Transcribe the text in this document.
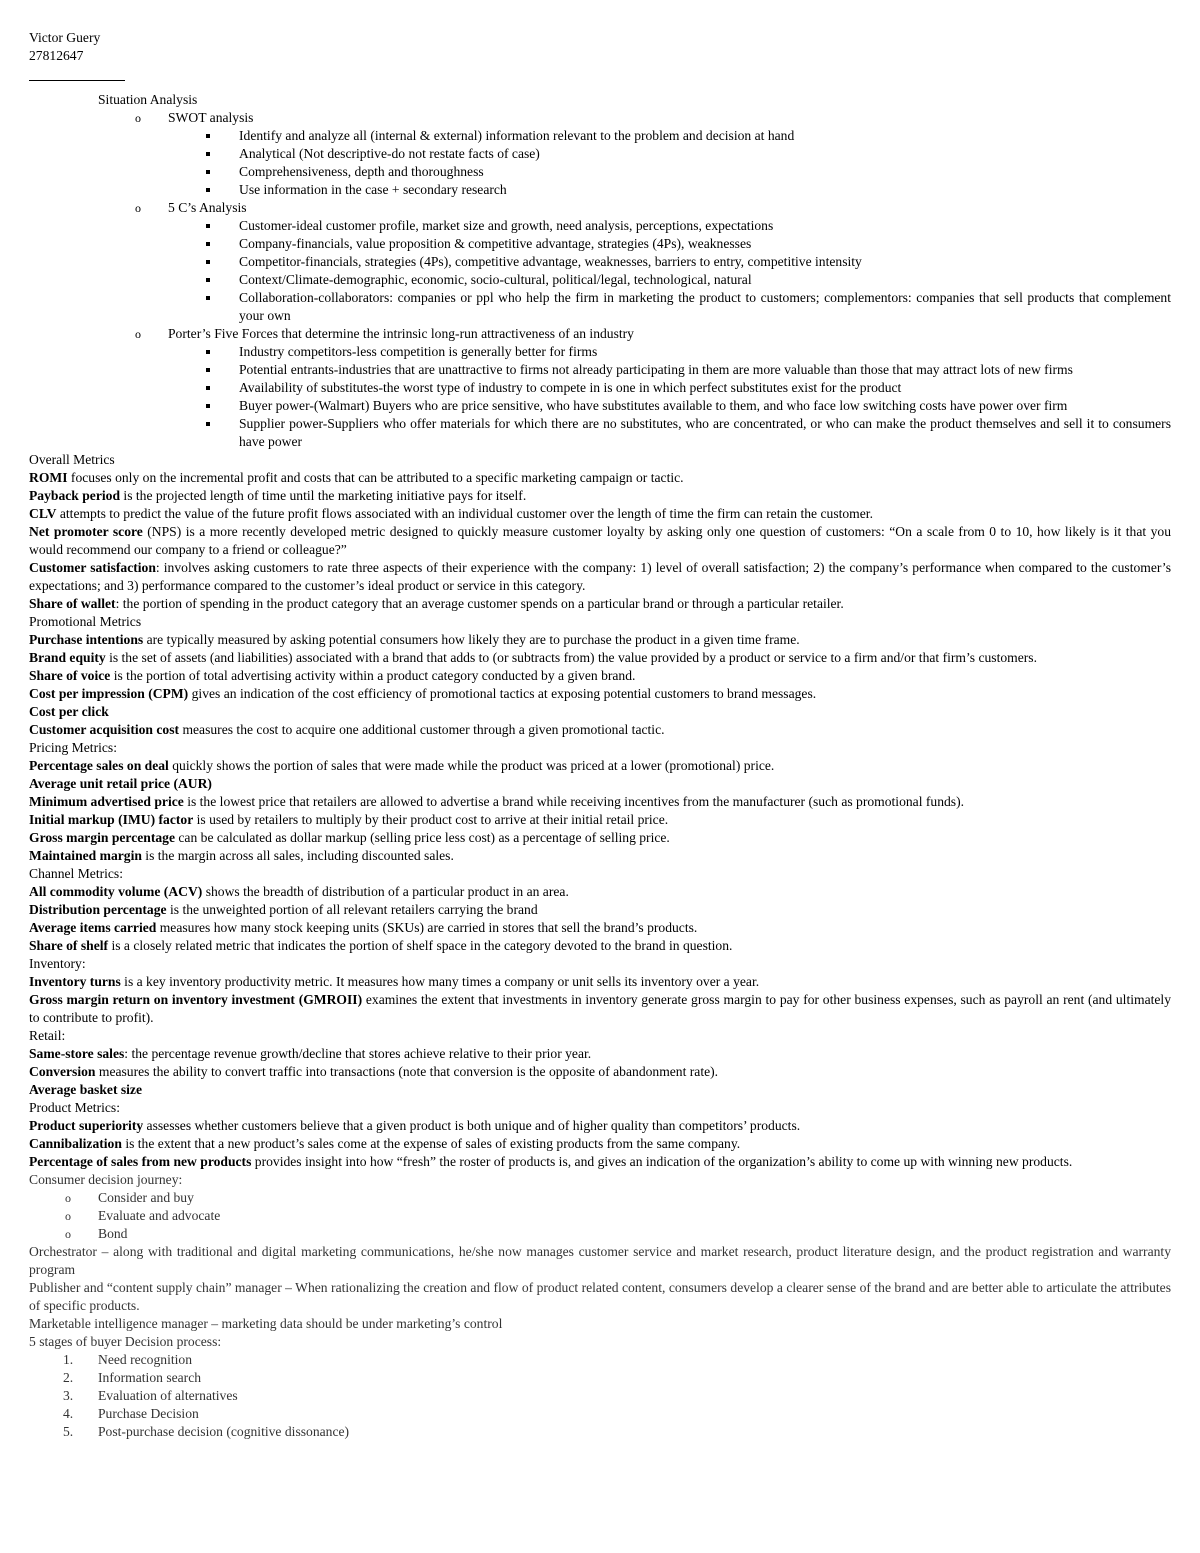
Victor Guery
27812647
Situation Analysis
o SWOT analysis
Identify and analyze all (internal & external) information relevant to the problem and decision at hand
Analytical (Not descriptive-do not restate facts of case)
Comprehensiveness, depth and thoroughness
Use information in the case + secondary research
o 5 C’s Analysis
Customer-ideal customer profile, market size and growth, need analysis, perceptions, expectations
Company-financials, value proposition & competitive advantage, strategies (4Ps), weaknesses
Competitor-financials, strategies (4Ps), competitive advantage, weaknesses, barriers to entry, competitive intensity
Context/Climate-demographic, economic, socio-cultural, political/legal, technological, natural
Collaboration-collaborators: companies or ppl who help the firm in marketing the product to customers; complementors: companies that sell products that complement your own
o Porter’s Five Forces that determine the intrinsic long-run attractiveness of an industry
Industry competitors-less competition is generally better for firms
Potential entrants-industries that are unattractive to firms not already participating in them are more valuable than those that may attract lots of new firms
Availability of substitutes-the worst type of industry to compete in is one in which perfect substitutes exist for the product
Buyer power-(Walmart) Buyers who are price sensitive, who have substitutes available to them, and who face low switching costs have power over firm
Supplier power-Suppliers who offer materials for which there are no substitutes, who are concentrated, or who can make the product themselves and sell it to consumers have power
Overall Metrics
ROMI focuses only on the incremental profit and costs that can be attributed to a specific marketing campaign or tactic.
Payback period is the projected length of time until the marketing initiative pays for itself.
CLV attempts to predict the value of the future profit flows associated with an individual customer over the length of time the firm can retain the customer.
Net promoter score (NPS) is a more recently developed metric designed to quickly measure customer loyalty by asking only one question of customers: “On a scale from 0 to 10, how likely is it that you would recommend our company to a friend or colleague?”
Customer satisfaction: involves asking customers to rate three aspects of their experience with the company: 1) level of overall satisfaction; 2) the company’s performance when compared to the customer’s expectations; and 3) performance compared to the customer’s ideal product or service in this category.
Share of wallet: the portion of spending in the product category that an average customer spends on a particular brand or through a particular retailer.
Promotional Metrics
Purchase intentions are typically measured by asking potential consumers how likely they are to purchase the product in a given time frame.
Brand equity is the set of assets (and liabilities) associated with a brand that adds to (or subtracts from) the value provided by a product or service to a firm and/or that firm’s customers.
Share of voice is the portion of total advertising activity within a product category conducted by a given brand.
Cost per impression (CPM) gives an indication of the cost efficiency of promotional tactics at exposing potential customers to brand messages.
Cost per click
Customer acquisition cost measures the cost to acquire one additional customer through a given promotional tactic.
Pricing Metrics:
Percentage sales on deal quickly shows the portion of sales that were made while the product was priced at a lower (promotional) price.
Average unit retail price (AUR)
Minimum advertised price is the lowest price that retailers are allowed to advertise a brand while receiving incentives from the manufacturer (such as promotional funds).
Initial markup (IMU) factor is used by retailers to multiply by their product cost to arrive at their initial retail price.
Gross margin percentage can be calculated as dollar markup (selling price less cost) as a percentage of selling price.
Maintained margin is the margin across all sales, including discounted sales.
Channel Metrics:
All commodity volume (ACV) shows the breadth of distribution of a particular product in an area.
Distribution percentage is the unweighted portion of all relevant retailers carrying the brand
Average items carried measures how many stock keeping units (SKUs) are carried in stores that sell the brand’s products.
Share of shelf is a closely related metric that indicates the portion of shelf space in the category devoted to the brand in question.
Inventory:
Inventory turns is a key inventory productivity metric. It measures how many times a company or unit sells its inventory over a year.
Gross margin return on inventory investment (GMROII) examines the extent that investments in inventory generate gross margin to pay for other business expenses, such as payroll an rent (and ultimately to contribute to profit).
Retail:
Same-store sales: the percentage revenue growth/decline that stores achieve relative to their prior year.
Conversion measures the ability to convert traffic into transactions (note that conversion is the opposite of abandonment rate).
Average basket size
Product Metrics:
Product superiority assesses whether customers believe that a given product is both unique and of higher quality than competitors’ products.
Cannibalization is the extent that a new product’s sales come at the expense of sales of existing products from the same company.
Percentage of sales from new products provides insight into how “fresh” the roster of products is, and gives an indication of the organization’s ability to come up with winning new products.
Consumer decision journey:
o Consider and buy
o Evaluate and advocate
o Bond
Orchestrator – along with traditional and digital marketing communications, he/she now manages customer service and market research, product literature design, and the product registration and warranty program
Publisher and “content supply chain” manager – When rationalizing the creation and flow of product related content, consumers develop a clearer sense of the brand and are better able to articulate the attributes of specific products.
Marketable intelligence manager – marketing data should be under marketing’s control
5 stages of buyer Decision process:
1. Need recognition
2. Information search
3. Evaluation of alternatives
4. Purchase Decision
5. Post-purchase decision (cognitive dissonance)
